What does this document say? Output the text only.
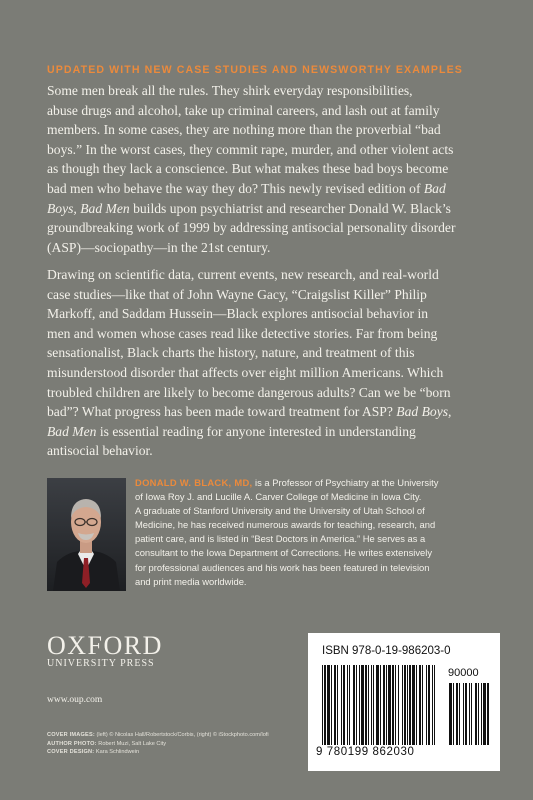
UPDATED WITH NEW CASE STUDIES AND NEWSWORTHY EXAMPLES

Some men break all the rules. They shirk everyday responsibilities,
abuse drugs and alcohol, take up criminal careers, and lash out at family
members. In some cases, they are nothing more than the proverbial “bad
boys.” In the worst cases, they commit rape, murder, and other violent acts
as though they lack a conscience. But what makes these bad boys become
bad men who behave the way they do? This newly revised edition of Bad
Boys, Bad Men builds upon psychiatrist and researcher Donald W. Black’s
groundbreaking work of 1999 by addressing antisocial personality disorder
(ASP)—sociopathy—in the 21st century.

Drawing on scientific data, current events, new research, and real-world
case studies—like that of John Wayne Gacy, “Craigslist Killer” Philip
Markoff, and Saddam Hussein—Black explores antisocial behavior in
men and women whose cases read like detective stories. Far from being
sensationalist, Black charts the history, nature, and treatment of this
misunderstood disorder that affects over eight million Americans. Which
troubled children are likely to become dangerous adults? Can we be “born
bad”? What progress has been made toward treatment for ASP? Bad Boys,
Bad Men is essential reading for anyone interested in understanding
antisocial behavior.

DONALD W. BLACK, MD, is a Professor of Psychiatry at the University
of Iowa Roy J. and Lucille A. Carver College of Medicine in Iowa City.
A graduate of Stanford University and the University of Utah School of
Medicine, he has received numerous awards for teaching, research, and
patient care, and is listed in “Best Doctors in America.” He serves as a
consultant to the Iowa Department of Corrections. He writes extensively
for professional audiences and his work has been featured in television
and print media worldwide.

OXFORD
UNIVERSITY PRESS
www.oup.com
COVER IMAGES: (left) © Nicolas Hall/Robertstock/Corbis, (right) © iStockphoto.com/lofi
AUTHOR PHOTO: Robert Muzi, Salt Lake City
COVER DESIGN: Kara Schlindwein
ISBN 978-0-19-986203-0
90000
9 780199 862030
